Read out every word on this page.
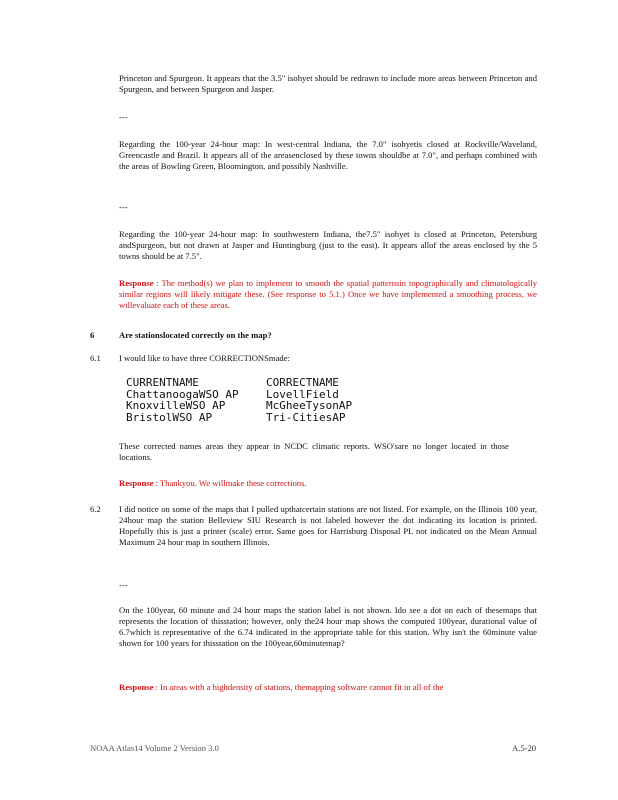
Princeton and Spurgeon. It appears that the 3.5" isohyet should be redrawn to include more areas between Princeton and Spurgeon, and between Spurgeon and Jasper.

---

Regarding the 100-year 24-hour map: In west-central Indiana, the 7.0" isohyetis closed at Rockville/Waveland, Greencastle and Brazil. It appears all of the areasenclosed by these towns shouldbe at 7.0", and perhaps combined with the areas of Bowling Green, Bloomington, and possibly Nashville.

---

Regarding the 100-year 24-hour map: In southwestern Indiana, the7.5" isohyet is closed at Princeton, Petersburg andSpurgeon, but not drawn at Jasper and Huntingburg (just to the east). It appears allof the areas enclosed by the 5 towns should be at 7.5".

Response : The method(s) we plan to implement to smooth the spatial patternsin topographically and climatologically similar regions will likely mitigate these. (See response to 5.1.) Once we have implemented a smoothing process, we willevaluate each of these areas.

6	Are stationslocated correctly on the map?

6.1 I would like to have three CORRECTIONSmade:

CURRENTNAME	CORRECTNAME
ChattanoogaWSO AP	LovellField
KnoxvilleWSO AP	McGheeTysonAP
BristolWSO AP	Tri-CitiesAP

These corrected names areas they appear in NCDC climatic reports. WSO'sare no longer located in those locations.

Response : Thankyou. We willmake these corrections.

6.2 I did notice on some of the maps that I pulled upthatcertain stations are not listed. For example, on the Illinois 100 year, 24hour map the station Belleview SIU Research is not labeled however the dot indicating its location is printed. Hopefully this is just a printer (scale) error. Same goes for Harrisburg Disposal PL not indicated on the Mean Annual Maximum 24 hour map in southern Illinois.

---

On the 100year, 60 minute and 24 hour maps the station label is not shown. Ido see a dot on each of thesemaps that represents the location of thisstation; however, only the24 hour map shows the computed 100year, durational value of 6.7which is representative of the 6.74 indicated in the appropriate table for this station. Why isn't the 60minute value shown for 100 years for thisstation on the 100year,60minutemap?

Response : In areas with a highdensity of stations, themapping software cannot fit in all of the

NOAA Atlas14 Volume 2 Version 3.0	A.5-20
